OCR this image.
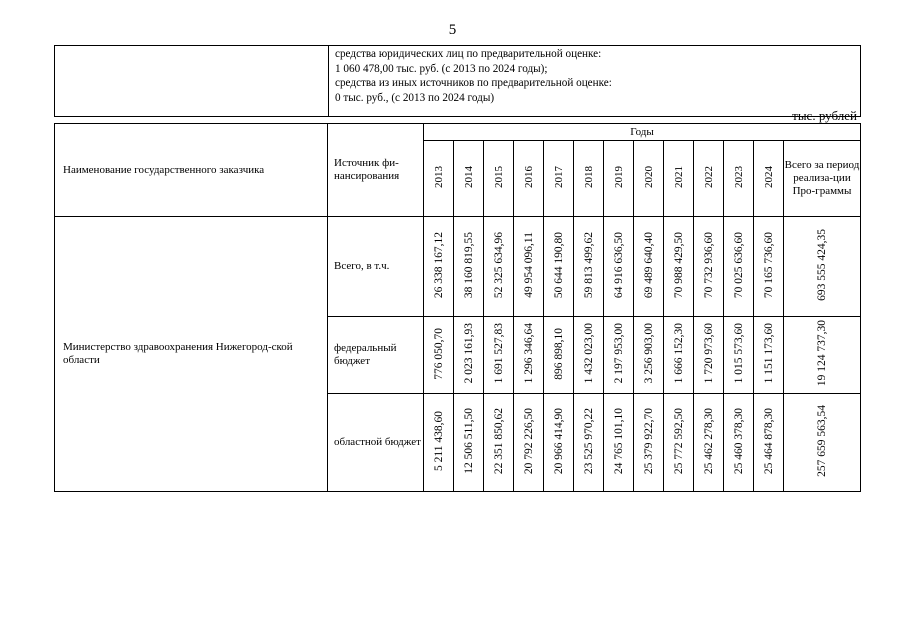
5
средства юридических лиц по предварительной оценке:
1 060 478,00 тыс. руб. (с 2013 по 2024 годы);
средства из иных источников по предварительной оценке:
0 тыс. руб., (с 2013 по 2024 годы)
тыс. рублей
Наименование государственного заказчика	Источник фи-нансирования	Годы												
		2013	2014	2015	2016	2017	2018	2019	2020	2021	2022	2023	2024	Всего за период реализа-ции Про-граммы
Министерство здравоохранения Нижегород-ской области	Всего, в т.ч.	26 338 167,12	38 160 819,55	52 325 634,96	49 954 096,11	50 644 190,80	59 813 499,62	64 916 636,50	69 489 640,40	70 988 429,50	70 732 936,60	70 025 636,60	70 165 736,60	693 555 424,35
	федеральный бюджет	776 050,70	2 023 161,93	1 691 527,83	1 296 346,64	896 898,10	1 432 023,00	2 197 953,00	3 256 903,00	1 666 152,30	1 720 973,60	1 015 573,60	1 151 173,60	19 124 737,30
	областной бюджет	5 211 438,60	12 506 511,50	22 351 850,62	20 792 226,50	20 966 414,90	23 525 970,22	24 765 101,10	25 379 922,70	25 772 592,50	25 462 278,30	25 460 378,30	25 464 878,30	257 659 563,54
